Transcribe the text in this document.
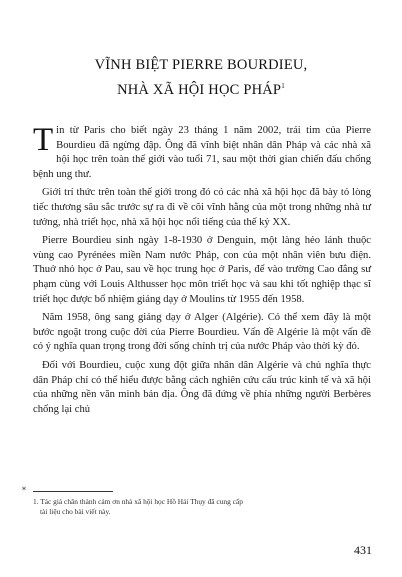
VĨNH BIỆT PIERRE BOURDIEU,
NHÀ XÃ HỘI HỌC PHÁP$^1$

Tin từ Paris cho biết ngày 23 tháng 1 năm 2002, trái tim của Pierre Bourdieu đã ngừng đập. Ông đã vĩnh biệt nhân dân Pháp và các nhà xã hội học trên toàn thế giới vào tuổi 71, sau một thời gian chiến đấu chống bệnh ung thư.

Giới trí thức trên toàn thế giới trong đó có các nhà xã hội học đã bày tỏ lòng tiếc thương sâu sắc trước sự ra đi về cõi vĩnh hằng của một trong những nhà tư tưởng, nhà triết học, nhà xã hội học nổi tiếng của thế kỷ XX.

Pierre Bourdieu sinh ngày 1-8-1930 ở Denguin, một làng hẻo lánh thuộc vùng cao Pyrénées miền Nam nước Pháp, con của một nhân viên bưu điện. Thuở nhỏ học ở Pau, sau về học trung học ở Paris, để vào trường Cao đẳng sư phạm cùng với Louis Althusser học môn triết học và sau khi tốt nghiệp thạc sĩ triết học được bổ nhiệm giảng dạy ở Moulins từ 1955 đến 1958.

Năm 1958, ông sang giảng dạy ở Alger (Algérie). Có thể xem đây là một bước ngoặt trong cuộc đời của Pierre Bourdieu. Vấn đề Algérie là một vấn đề có ý nghĩa quan trọng trong đời sống chính trị của nước Pháp vào thời kỳ đó.

Đối với Bourdieu, cuộc xung đột giữa nhân dân Algérie và chủ nghĩa thực dân Pháp chỉ có thể hiểu được bằng cách nghiên cứu cấu trúc kinh tế và xã hội của những nền văn minh bản địa. Ông đã đứng về phía những người Berbères chống lại chủ

*
1. Tác giả chân thành cảm ơn nhà xã hội học Hồ Hải Thụy đã cung cấp
tài liệu cho bài viết này.
431
